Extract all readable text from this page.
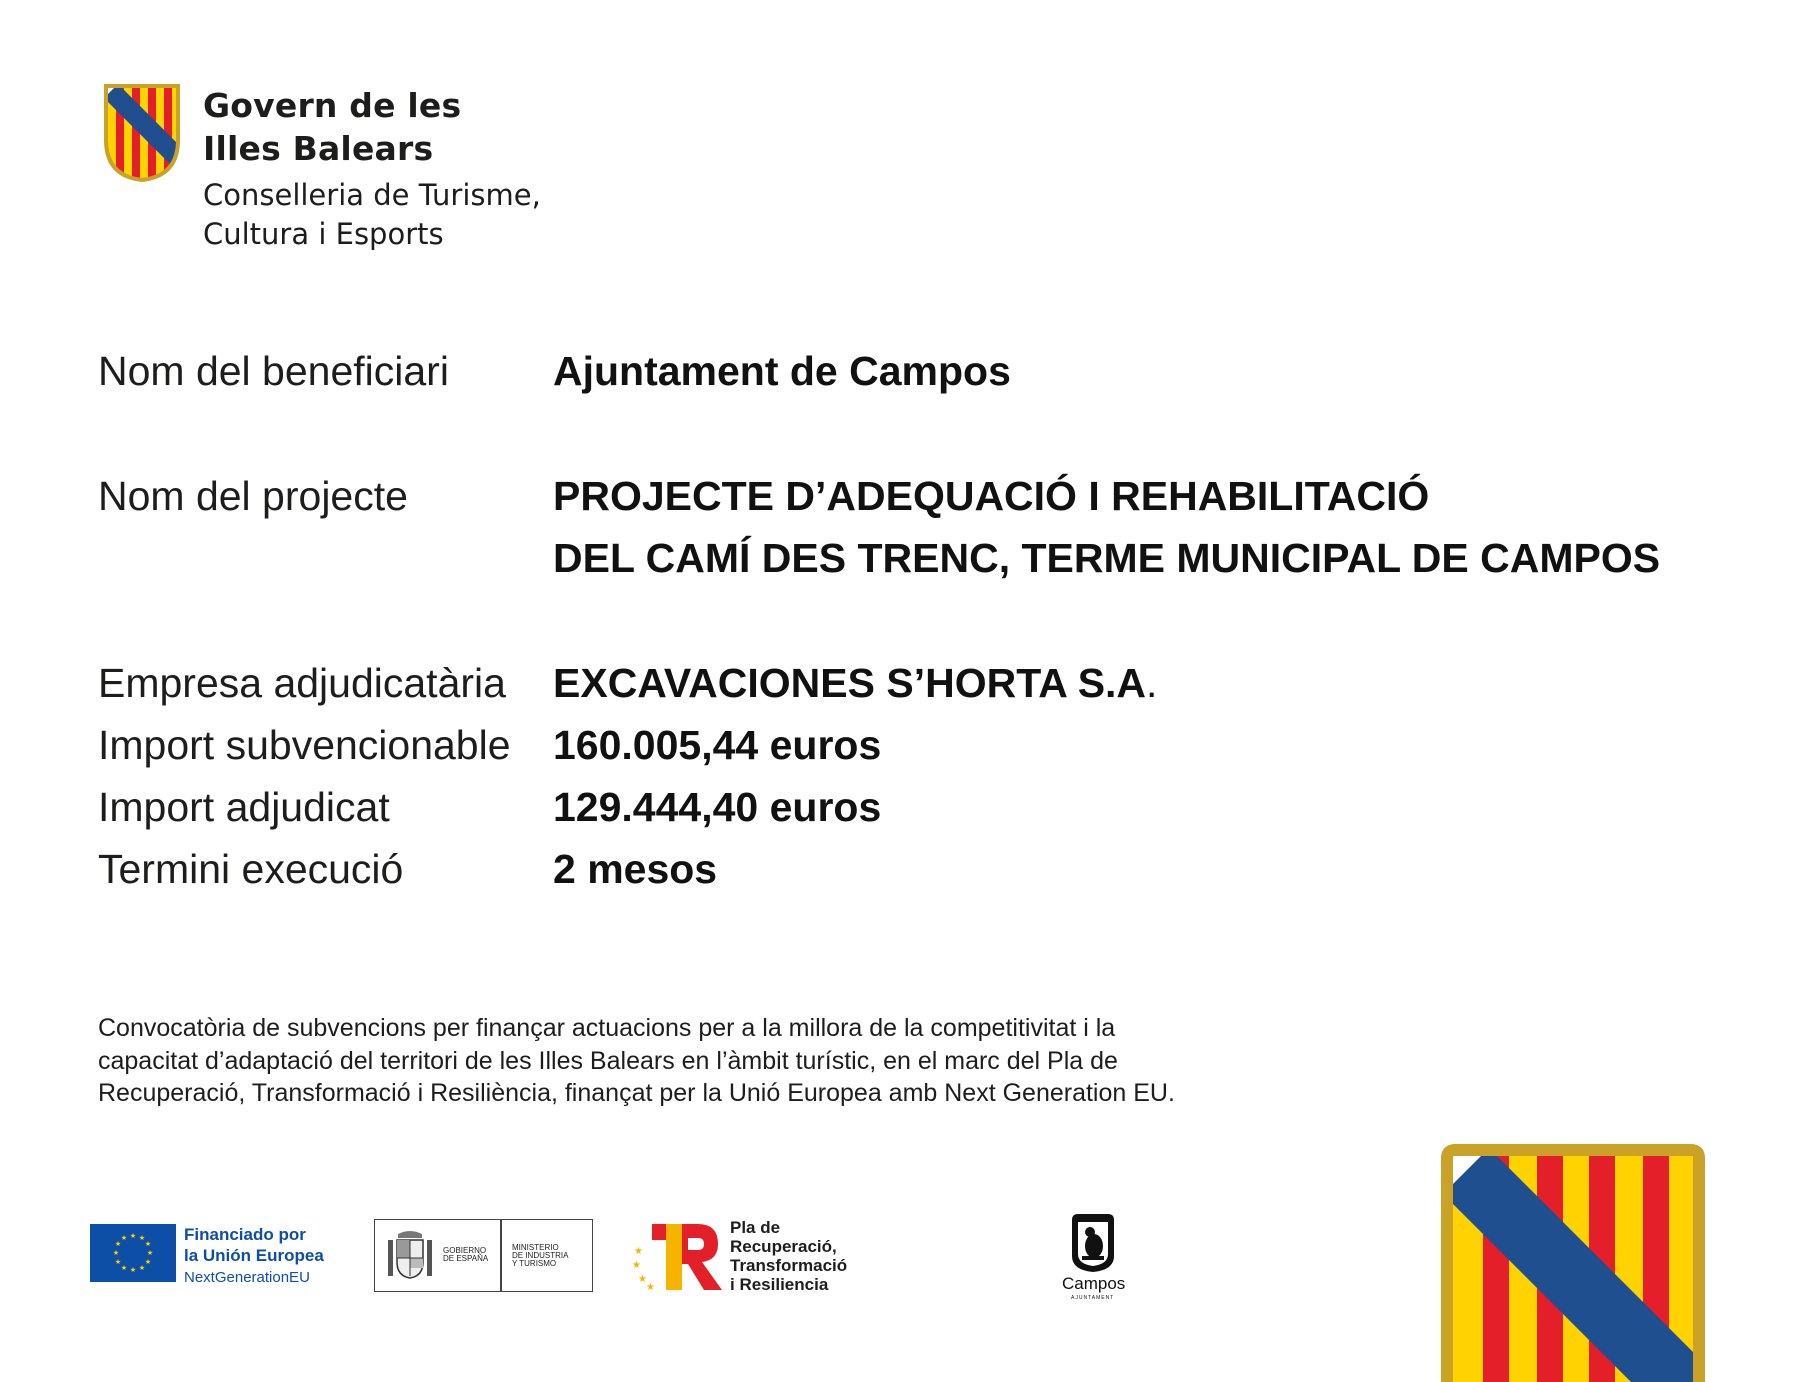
Govern de les
Illes Balears
Conselleria de Turisme,
Cultura i Esports
Nom del beneficiari	Ajuntament de Campos
Nom del projecte	PROJECTE D’ADEQUACIÓ I REHABILITACIÓ
DEL CAMÍ DES TRENC, TERME MUNICIPAL DE CAMPOS
Empresa adjudicatària EXCAVACIONES S’HORTA S.A.
Import subvencionable 160.005,44 euros
Import adjudicat	129.444,40 euros
Termini execució	2 mesos
Convocatòria de subvencions per finançar actuacions per a la millora de la competitivitat i la
capacitat d’adaptació del territori de les Illes Balears en l’àmbit turístic, en el marc del Pla de
Recuperació, Transformació i Resiliència, finançat per la Unió Europea amb Next Generation EU.
★ ★
★
★
★
★
★
★
★
★
★
★	Financiado por
la Unión Europea
NextGenerationEU
GOBIERNO
DE ESPAÑA
MINISTERIO
DE INDUSTRIA
Y TURISMO
★
★
★
★
Pla de
Recuperació,
Transformació
i Resiliencia	Campos
AJUNTAMENT
